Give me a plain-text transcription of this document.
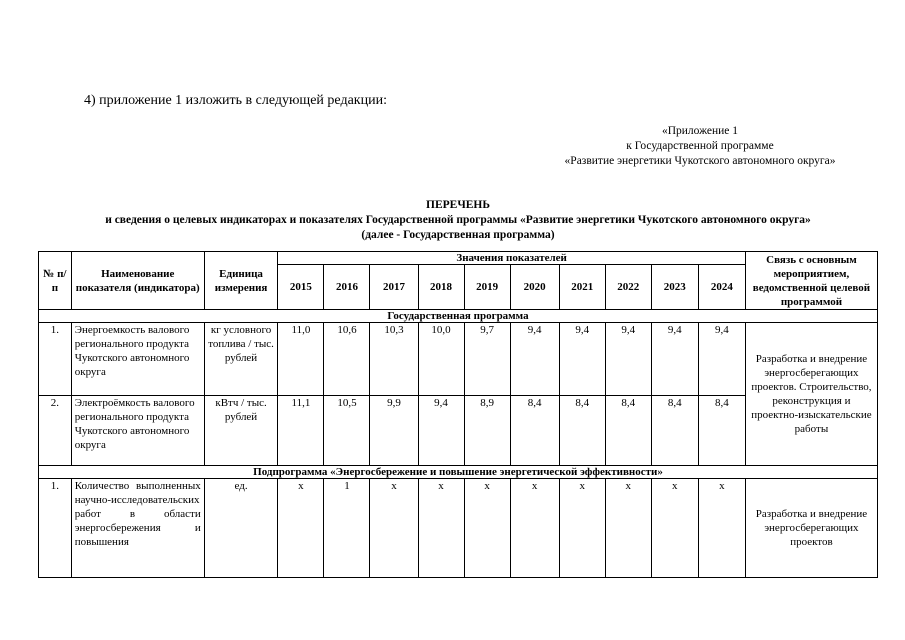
4) приложение 1 изложить в следующей редакции:
«Приложение 1
к Государственной программе
«Развитие энергетики Чукотского автономного округа»
ПЕРЕЧЕНЬ
и сведения о целевых индикаторах и показателях Государственной программы «Развитие энергетики Чукотского автономного округа»
(далее - Государственная программа)
№ п/п	Наименование показателя (индикатора)	Единица измерения	Значения показателей										Связь с основным мероприятием, ведомственной целевой программой
			2015	2016	2017	2018	2019	2020	2021	2022	2023	2024	
Государственная программа													
1.	Энергоемкость валового регионального продукта Чукотского автономного округа	кг условного топлива / тыс. рублей	11,0	10,6	10,3	10,0	9,7	9,4	9,4	9,4	9,4	9,4	Разработка и внедрение энергосберегающих проектов. Строительство, реконструкция и проектно-изыскательские работы
2.	Электроёмкость валового регионального продукта Чукотского автономного округа	кВтч / тыс. рублей	11,1	10,5	9,9	9,4	8,9	8,4	8,4	8,4	8,4	8,4	
Подпрограмма «Энергосбережение и повышение энергетической эффективности»													
1.	Количество выполненных научно-исследовательских работ в области энергосбережения и повышения	ед.	x	1	x	x	x	x	x	x	x	x	Разработка и внедрение энергосберегающих проектов
